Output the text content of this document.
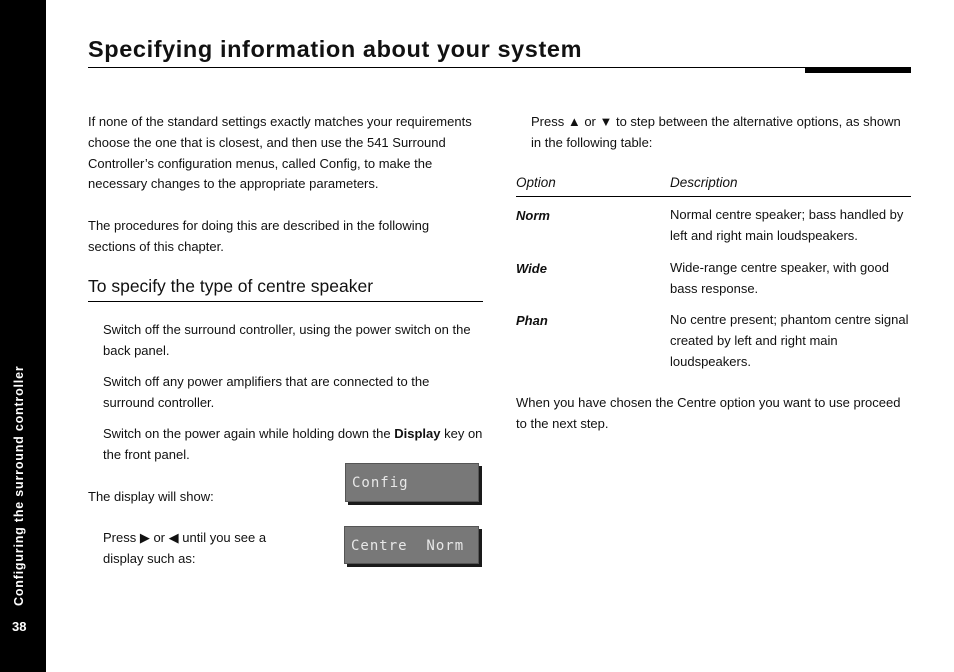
Configuring the surround controller
38
Specifying information about your system
If none of the standard settings exactly matches your requirements choose the one that is closest, and then use the 541 Surround Controller’s configuration menus, called Config, to make the necessary changes to the appropriate parameters.
The procedures for doing this are described in the following sections of this chapter.
To specify the type of centre speaker
Switch off the surround controller, using the power switch on the back panel.
Switch off any power amplifiers that are connected to the surround controller.
Switch on the power again while holding down the Display key on the front panel.
The display will show:
Config
Press ▶ or ◀ until you see a display such as:
Centre  Norm
Press ▲ or ▼ to step between the alternative options, as shown in the following table:
Option	Description
Norm	Normal centre speaker; bass handled by left and right main loudspeakers.
Wide	Wide-range centre speaker, with good bass response.
Phan	No centre present; phantom centre signal created by left and right main loudspeakers.
When you have chosen the Centre option you want to use proceed to the next step.
